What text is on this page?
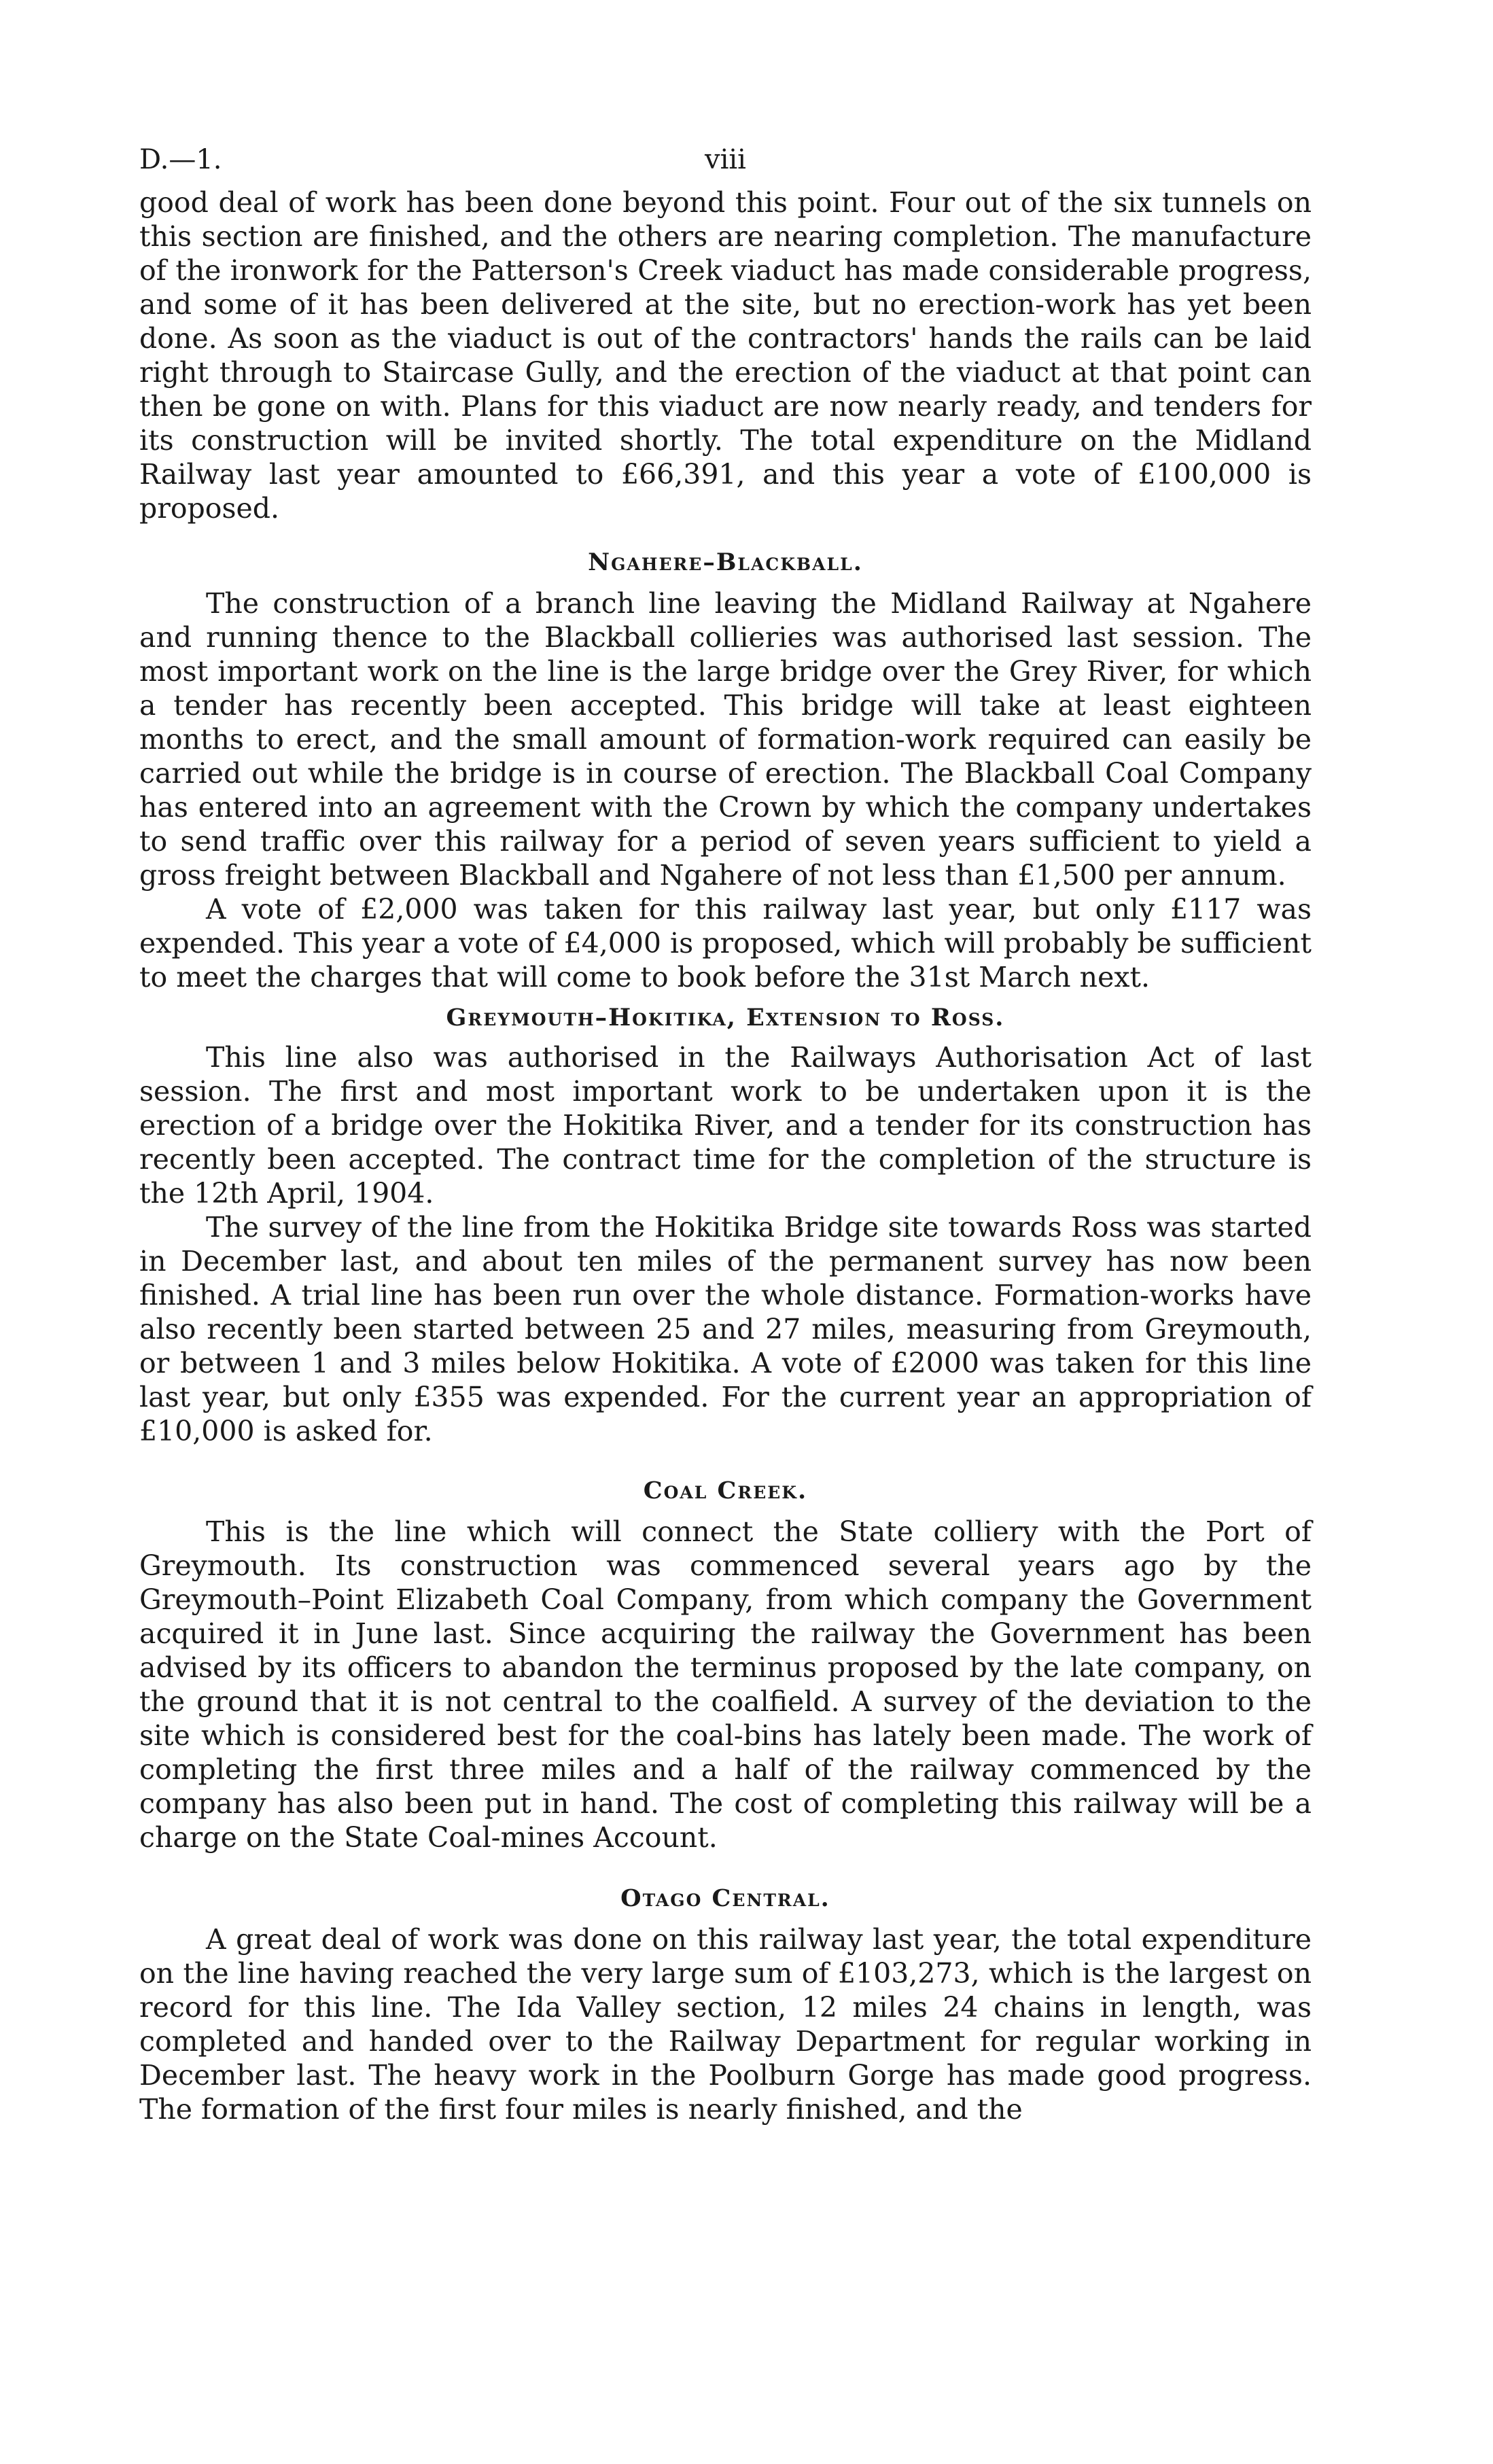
D.—1.	viii

good deal of work has been done beyond this point. Four out of the six tunnels on this section are finished, and the others are nearing completion. The manufacture of the ironwork for the Patterson's Creek viaduct has made considerable progress, and some of it has been delivered at the site, but no erection-work has yet been done. As soon as the viaduct is out of the contractors' hands the rails can be laid right through to Staircase Gully, and the erection of the viaduct at that point can then be gone on with. Plans for this viaduct are now nearly ready, and tenders for its construction will be invited shortly. The total expenditure on the Midland Railway last year amounted to £66,391, and this year a vote of £100,000 is proposed.

Ngahere–Blackball.

The construction of a branch line leaving the Midland Railway at Ngahere and running thence to the Blackball collieries was authorised last session. The most important work on the line is the large bridge over the Grey River, for which a tender has recently been accepted. This bridge will take at least eighteen months to erect, and the small amount of formation-work required can easily be carried out while the bridge is in course of erection. The Blackball Coal Company has entered into an agreement with the Crown by which the company undertakes to send traffic over this railway for a period of seven years sufficient to yield a gross freight between Blackball and Ngahere of not less than £1,500 per annum.

A vote of £2,000 was taken for this railway last year, but only £117 was expended. This year a vote of £4,000 is proposed, which will probably be sufficient to meet the charges that will come to book before the 31st March next.

Greymouth–Hokitika, Extension to Ross.

This line also was authorised in the Railways Authorisation Act of last session. The first and most important work to be undertaken upon it is the erection of a bridge over the Hokitika River, and a tender for its construction has recently been accepted. The contract time for the completion of the structure is the 12th April, 1904.

The survey of the line from the Hokitika Bridge site towards Ross was started in December last, and about ten miles of the permanent survey has now been finished. A trial line has been run over the whole distance. Formation-works have also recently been started between 25 and 27 miles, measuring from Greymouth, or between 1 and 3 miles below Hokitika. A vote of £2000 was taken for this line last year, but only £355 was expended. For the current year an appropriation of £10,000 is asked for.

Coal Creek.

This is the line which will connect the State colliery with the Port of Greymouth. Its construction was commenced several years ago by the Greymouth–Point Elizabeth Coal Company, from which company the Government acquired it in June last. Since acquiring the railway the Government has been advised by its officers to abandon the terminus proposed by the late company, on the ground that it is not central to the coalfield. A survey of the deviation to the site which is considered best for the coal-bins has lately been made. The work of completing the first three miles and a half of the railway commenced by the company has also been put in hand. The cost of completing this railway will be a charge on the State Coal-mines Account.

Otago Central.

A great deal of work was done on this railway last year, the total expenditure on the line having reached the very large sum of £103,273, which is the largest on record for this line. The Ida Valley section, 12 miles 24 chains in length, was completed and handed over to the Railway Department for regular working in December last. The heavy work in the Poolburn Gorge has made good progress. The formation of the first four miles is nearly finished, and the
